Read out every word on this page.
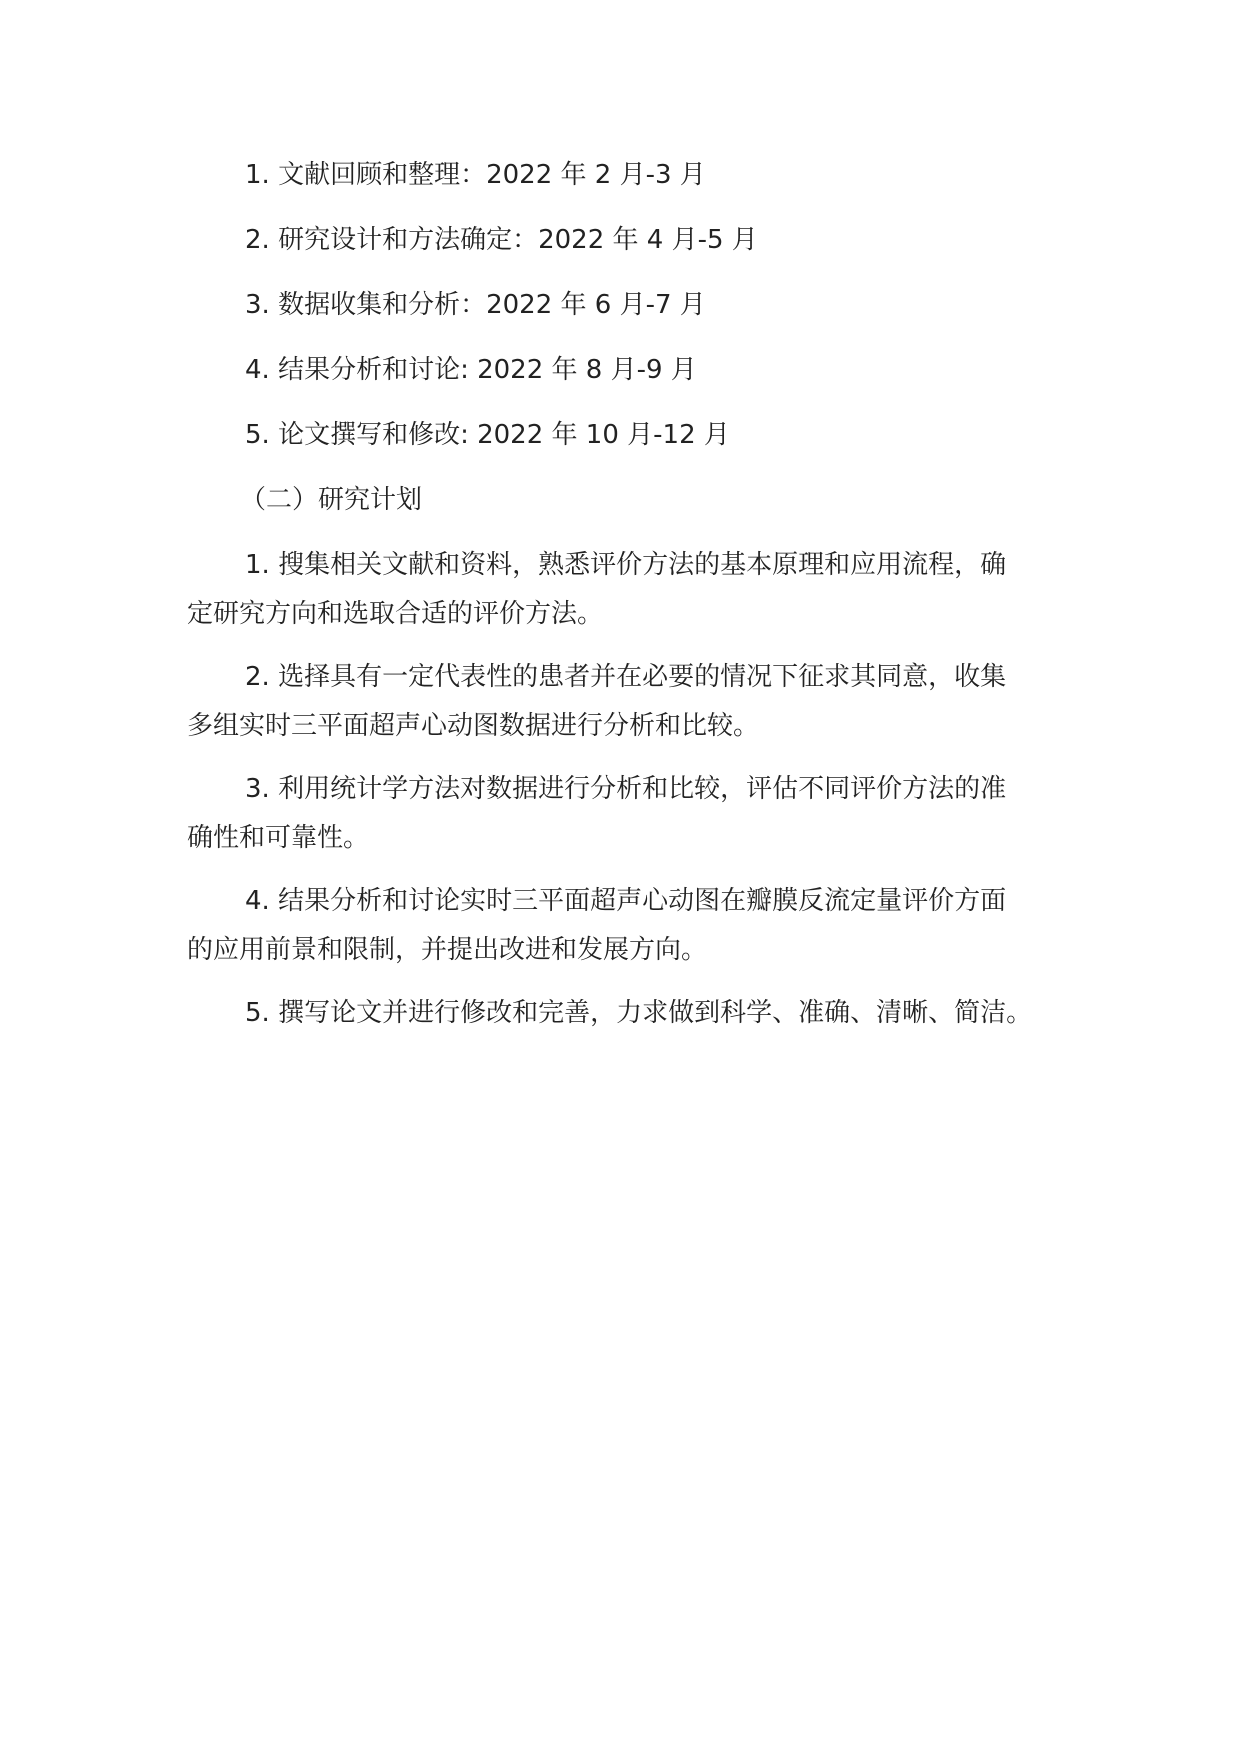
1. 文献回顾和整理：2022 年 2 月-3 月
2. 研究设计和方法确定：2022 年 4 月-5 月
3. 数据收集和分析：2022 年 6 月-7 月
4. 结果分析和讨论: 2022 年 8 月-9 月
5. 论文撰写和修改: 2022 年 10 月-12 月
（二）研究计划
1. 搜集相关文献和资料，熟悉评价方法的基本原理和应用流程，确
定研究方向和选取合适的评价方法。
2. 选择具有一定代表性的患者并在必要的情况下征求其同意，收集
多组实时三平面超声心动图数据进行分析和比较。
3. 利用统计学方法对数据进行分析和比较，评估不同评价方法的准
确性和可靠性。
4. 结果分析和讨论实时三平面超声心动图在瓣膜反流定量评价方面
的应用前景和限制，并提出改进和发展方向。
5. 撰写论文并进行修改和完善，力求做到科学、准确、清晰、简洁。
